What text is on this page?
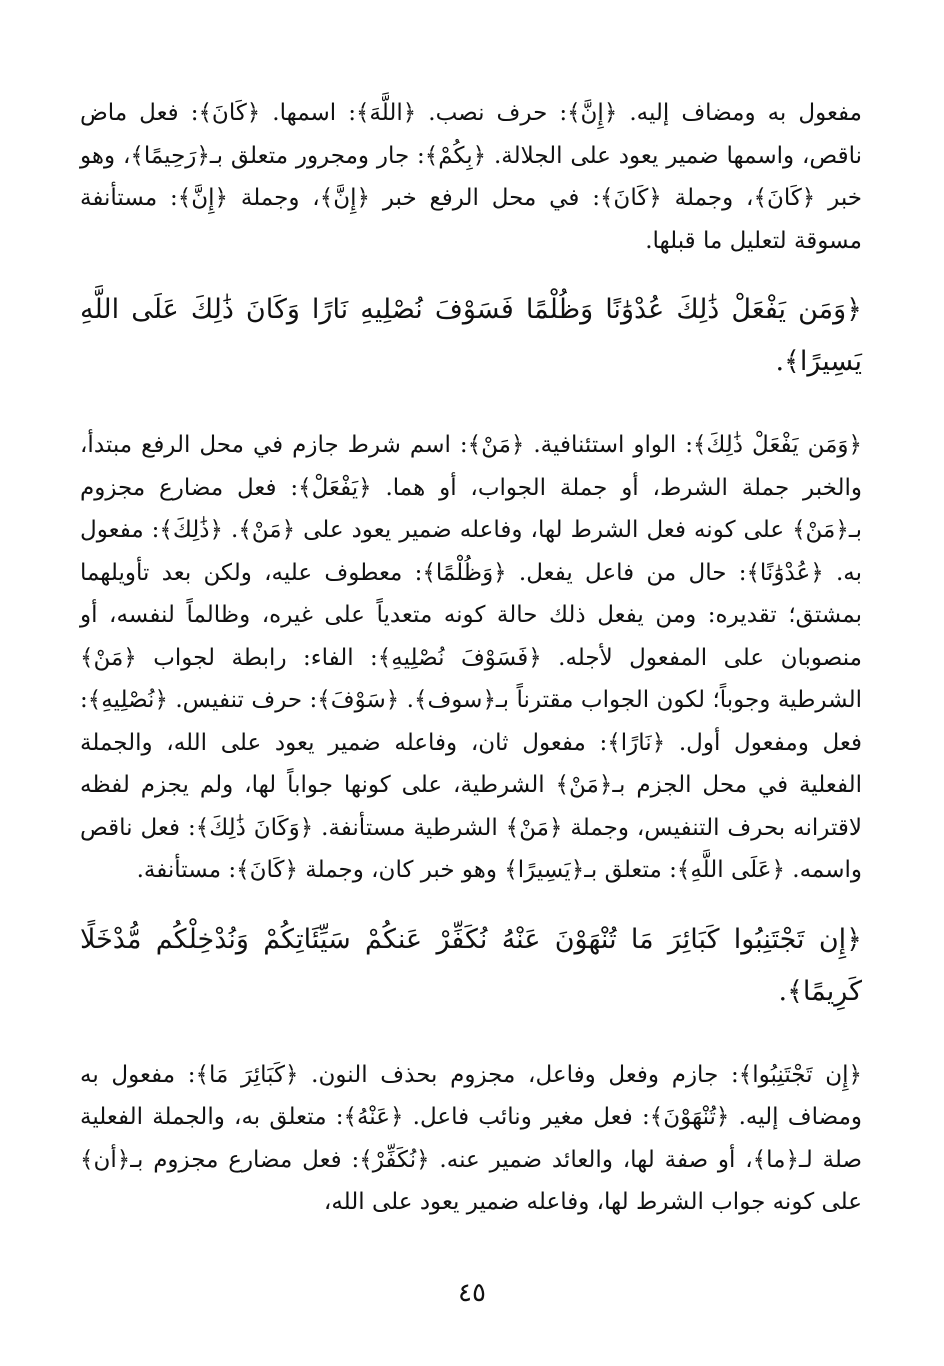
مفعول به ومضاف إليه. ﴿إِنَّ﴾: حرف نصب. ﴿اللَّهَ﴾: اسمها. ﴿كَانَ﴾: فعل ماض ناقص، واسمها ضمير يعود على الجلالة. ﴿بِكُمْ﴾: جار ومجرور متعلق بـ﴿رَحِيمًا﴾، وهو خبر ﴿كَانَ﴾، وجملة ﴿كَانَ﴾: في محل الرفع خبر ﴿إِنَّ﴾، وجملة ﴿إِنَّ﴾: مستأنفة مسوقة لتعليل ما قبلها.

﴿وَمَن يَفْعَلْ ذَٰلِكَ عُدْوَٰنًا وَظُلْمًا فَسَوْفَ نُصْلِيهِ نَارًا وَكَانَ ذَٰلِكَ عَلَى اللَّهِ يَسِيرًا﴾.

﴿وَمَن يَفْعَلْ ذَٰلِكَ﴾: الواو استئنافية. ﴿مَنْ﴾: اسم شرط جازم في محل الرفع مبتدأ، والخبر جملة الشرط، أو جملة الجواب، أو هما. ﴿يَفْعَلْ﴾: فعل مضارع مجزوم بـ﴿مَنْ﴾ على كونه فعل الشرط لها، وفاعله ضمير يعود على ﴿مَنْ﴾. ﴿ذَٰلِكَ﴾: مفعول به. ﴿عُدْوَٰنًا﴾: حال من فاعل يفعل. ﴿وَظُلْمًا﴾: معطوف عليه، ولكن بعد تأويلهما بمشتق؛ تقديره: ومن يفعل ذلك حالة كونه متعدياً على غيره، وظالماً لنفسه، أو منصوبان على المفعول لأجله. ﴿فَسَوْفَ نُصْلِيهِ﴾: الفاء: رابطة لجواب ﴿مَنْ﴾ الشرطية وجوباً؛ لكون الجواب مقترناً بـ﴿سوف﴾. ﴿سَوْفَ﴾: حرف تنفيس. ﴿نُصْلِيهِ﴾: فعل ومفعول أول. ﴿نَارًا﴾: مفعول ثان، وفاعله ضمير يعود على الله، والجملة الفعلية في محل الجزم بـ﴿مَنْ﴾ الشرطية، على كونها جواباً لها، ولم يجزم لفظه لاقترانه بحرف التنفيس، وجملة ﴿مَنْ﴾ الشرطية مستأنفة. ﴿وَكَانَ ذَٰلِكَ﴾: فعل ناقص واسمه. ﴿عَلَى اللَّهِ﴾: متعلق بـ﴿يَسِيرًا﴾ وهو خبر كان، وجملة ﴿كَانَ﴾: مستأنفة.

﴿إِن تَجْتَنِبُوا كَبَائِرَ مَا تُنْهَوْنَ عَنْهُ نُكَفِّرْ عَنكُمْ سَيِّئَاتِكُمْ وَنُدْخِلْكُم مُّدْخَلًا كَرِيمًا﴾.

﴿إِن تَجْتَنِبُوا﴾: جازم وفعل وفاعل، مجزوم بحذف النون. ﴿كَبَائِرَ مَا﴾: مفعول به ومضاف إليه. ﴿تُنْهَوْنَ﴾: فعل مغير ونائب فاعل. ﴿عَنْهُ﴾: متعلق به، والجملة الفعلية صلة لـ﴿ما﴾، أو صفة لها، والعائد ضمير عنه. ﴿نُكَفِّرْ﴾: فعل مضارع مجزوم بـ﴿أن﴾ على كونه جواب الشرط لها، وفاعله ضمير يعود على الله،

٤٥
